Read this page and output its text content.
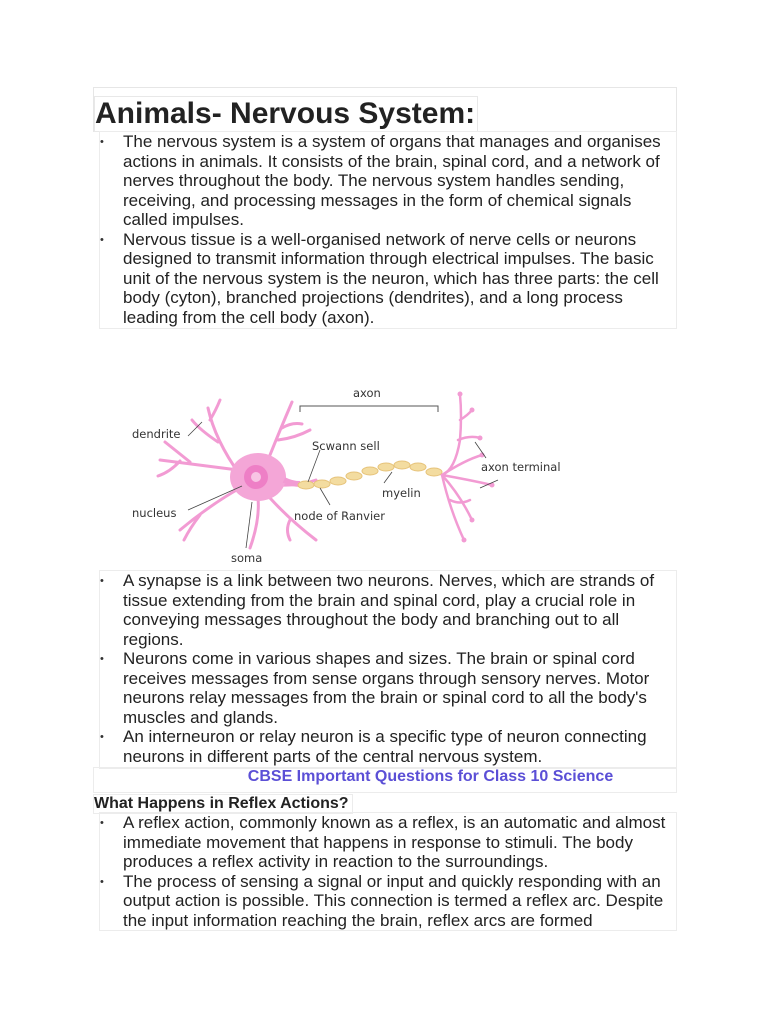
Animals- Nervous System:
• The nervous system is a system of organs that manages and organises actions in animals. It consists of the brain, spinal cord, and a network of nerves throughout the body. The nervous system handles sending, receiving, and processing messages in the form of chemical signals called impulses.
• Nervous tissue is a well-organised network of nerve cells or neurons designed to transmit information through electrical impulses. The basic unit of the nervous system is the neuron, which has three parts: the cell body (cyton), branched projections (dendrites), and a long process leading from the cell body (axon).
axon
dendrite
Scwann sell
axon terminal
myelin
nucleus	node of Ranvier
soma
• A synapse is a link between two neurons. Nerves, which are strands of tissue extending from the brain and spinal cord, play a crucial role in conveying messages throughout the body and branching out to all regions.
• Neurons come in various shapes and sizes. The brain or spinal cord receives messages from sense organs through sensory nerves. Motor neurons relay messages from the brain or spinal cord to all the body's muscles and glands.
• An interneuron or relay neuron is a specific type of neuron connecting neurons in different parts of the central nervous system.
CBSE Important Questions for Class 10 Science
What Happens in Reflex Actions?
• A reflex action, commonly known as a reflex, is an automatic and almost immediate movement that happens in response to stimuli. The body produces a reflex activity in reaction to the surroundings.
• The process of sensing a signal or input and quickly responding with an output action is possible. This connection is termed a reflex arc. Despite the input information reaching the brain, reflex arcs are formed
